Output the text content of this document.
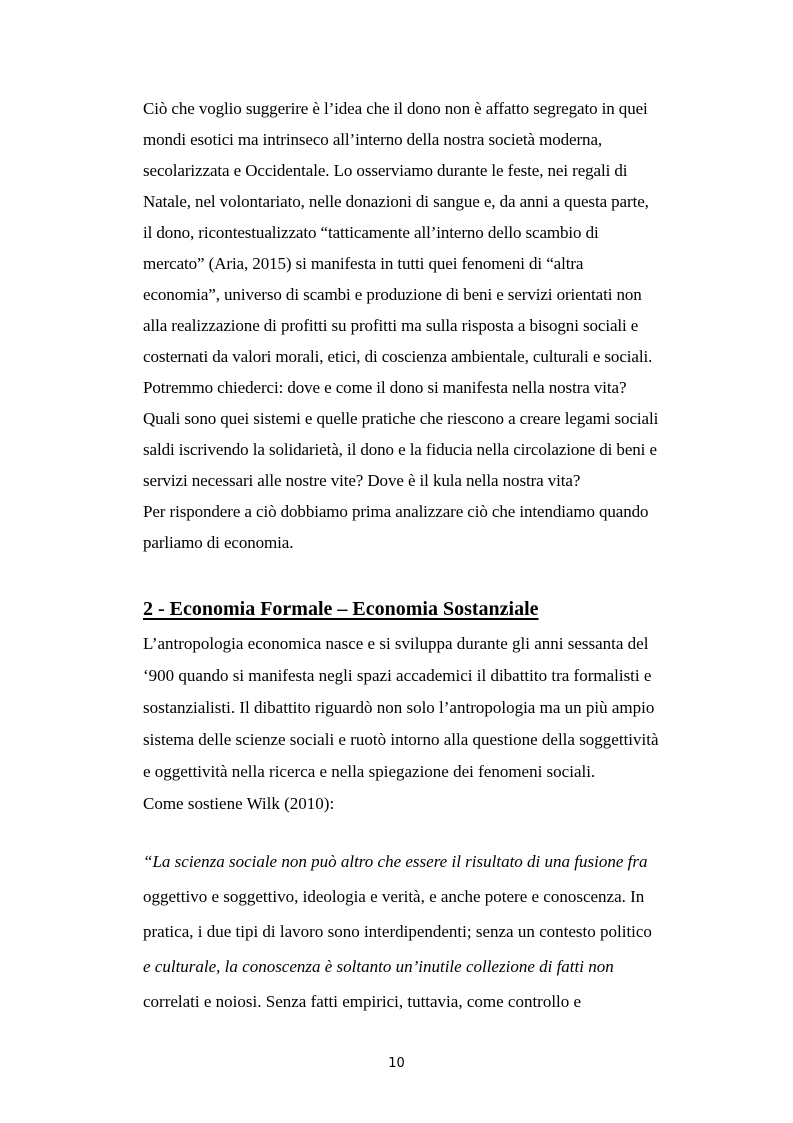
Ciò che voglio suggerire è l’idea che il dono non è affatto segregato in quei
mondi esotici ma intrinseco all’interno della nostra società moderna,
secolarizzata e Occidentale. Lo osserviamo durante le feste, nei regali di
Natale, nel volontariato, nelle donazioni di sangue e, da anni a questa parte,
il dono, ricontestualizzato “tatticamente all’interno dello scambio di
mercato” (Aria, 2015) si manifesta in tutti quei fenomeni di “altra
economia”, universo di scambi e produzione di beni e servizi orientati non
alla realizzazione di profitti su profitti ma sulla risposta a bisogni sociali e
costernati da valori morali, etici, di coscienza ambientale, culturali e sociali.
Potremmo chiederci: dove e come il dono si manifesta nella nostra vita?
Quali sono quei sistemi e quelle pratiche che riescono a creare legami sociali
saldi iscrivendo la solidarietà, il dono e la fiducia nella circolazione di beni e
servizi necessari alle nostre vite? Dove è il kula nella nostra vita?
Per rispondere a ciò dobbiamo prima analizzare ciò che intendiamo quando
parliamo di economia.
2 - Economia Formale – Economia Sostanziale
L’antropologia economica nasce e si sviluppa durante gli anni sessanta del
‘900 quando si manifesta negli spazi accademici il dibattito tra formalisti e
sostanzialisti. Il dibattito riguardò non solo l’antropologia ma un più ampio
sistema delle scienze sociali e ruotò intorno alla questione della soggettività
e oggettività nella ricerca e nella spiegazione dei fenomeni sociali.
Come sostiene Wilk (2010):
“La scienza sociale non può altro che essere il risultato di una fusione fra
oggettivo e soggettivo, ideologia e verità, e anche potere e conoscenza. In
pratica, i due tipi di lavoro sono interdipendenti; senza un contesto politico
e culturale, la conoscenza è soltanto un’inutile collezione di fatti non
correlati e noiosi. Senza fatti empirici, tuttavia, come controllo e
10
